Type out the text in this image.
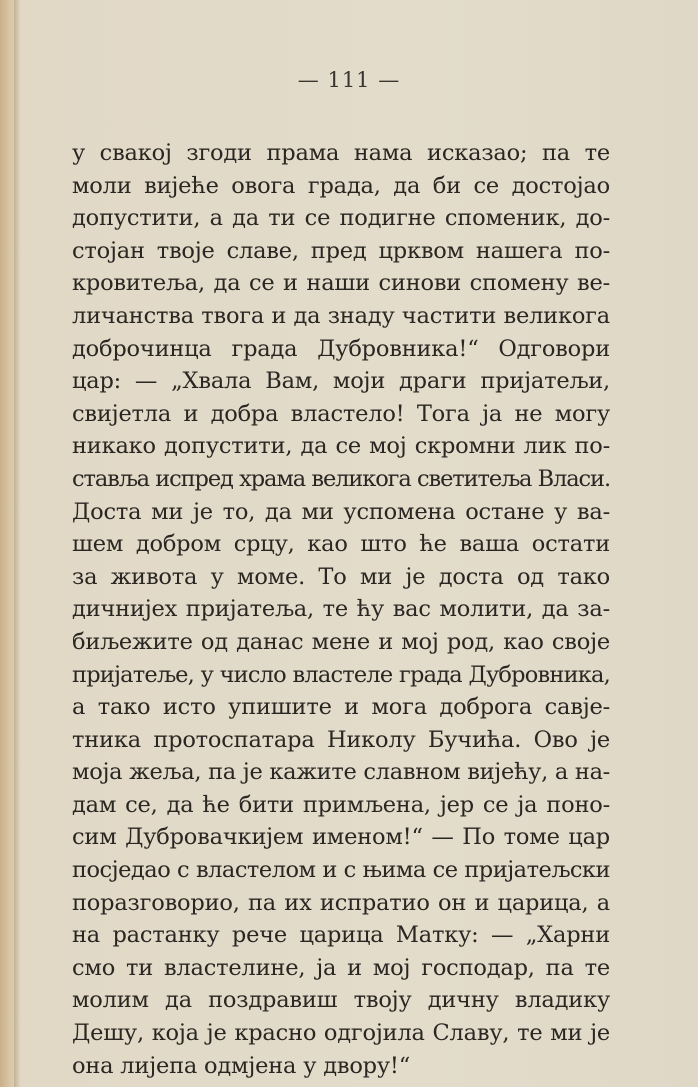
— 111 —
у свакој згоди прама нама исказао; па те
моли вијеће овога града, да би се достојао
допустити, а да ти се подигне споменик, до-
стојан твоје славе, пред црквом нашега по-
кровитеља, да се и наши синови спомену ве-
личанства твога и да знаду частити великога
доброчинца града Дубровника!“ Одговори
цар: — „Хвала Вам, моји драги пријатељи,
свијетла и добра властело! Тога ја не могу
никако допустити, да се мој скромни лик по-
стављa испред храма великога светитеља Власи.
Доста ми је то, да ми успомена остане у ва-
шем добром срцу, као што ће ваша остати
за живота у моме. То ми је доста од тако
дичнијех пријатеља, те ћу вас молити, да за-
биљежите од данас мене и мој род, као своје
пријатеље, у число властеле града Дубровника,
а тако исто упишите и мога доброга савје-
тника протоспатара Николу Бучића. Ово је
моја жеља, па је кажите славном вијећу, а на-
дам се, да ће бити примљена, јер се ја поно-
сим Дубровачкијем именом!“ — По томе цар
посједао с властелом и с њима се пријатељски
поразговорио, па их испратио он и царица, а
на растанку рече царица Матку: — „Харни
смо ти властелине, ја и мој господар, па те
молим да поздравиш твоју дичну владику
Дешу, која је красно одгојила Славу, те ми је
она лијепа одмјена у двору!“
